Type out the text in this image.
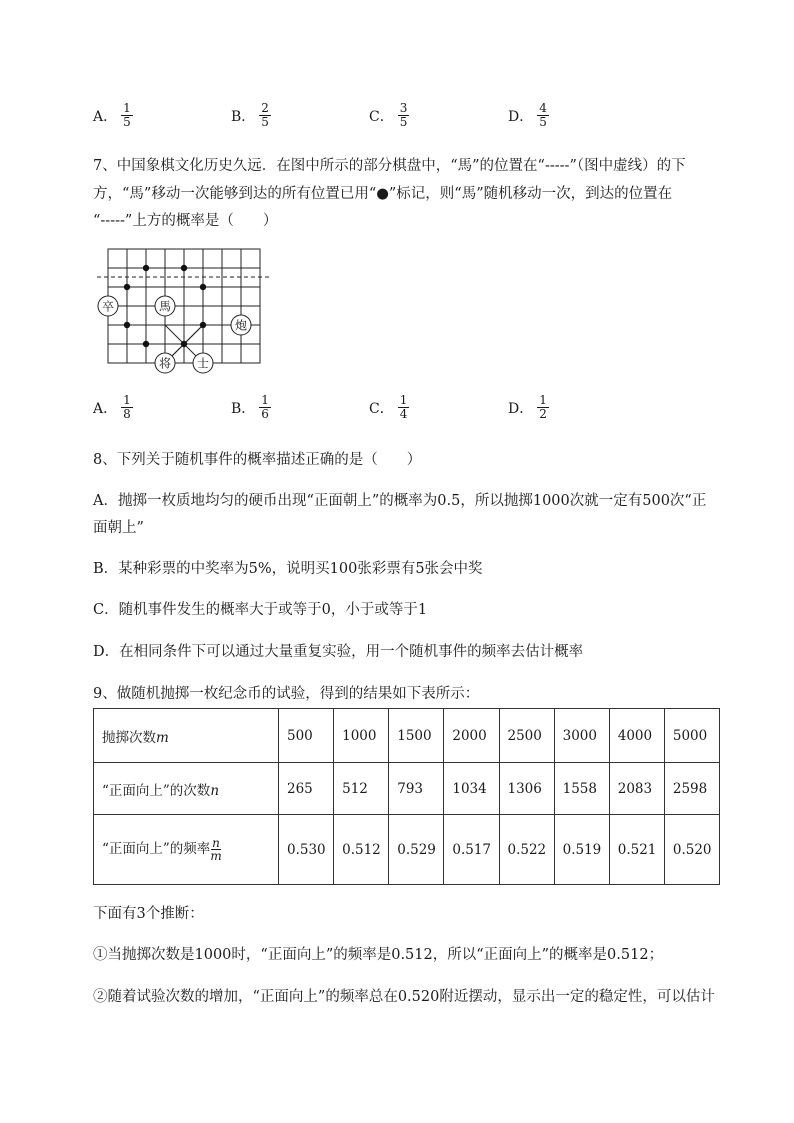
A． $\frac{1}{5}$	B． $\frac{2}{5}$	C． $\frac{3}{5}$	D． $\frac{4}{5}$
7、中国象棋文化历史久远．在图中所示的部分棋盘中，“馬”的位置在“-----”（图中虚线）的下
方，“馬”移动一次能够到达的所有位置已用“●”标记，则“馬”随机移动一次，到达的位置在
“-----”上方的概率是（　　）
卒	馬
炮
将 士
A． $\frac{1}{8}$	B． $\frac{1}{6}$	C． $\frac{1}{4}$	D． $\frac{1}{2}$
8、下列关于随机事件的概率描述正确的是（　　）
A．抛掷一枚质地均匀的硬币出现“正面朝上”的概率为0.5，所以抛掷1000次就一定有500次“正
面朝上”
B．某种彩票的中奖率为5%，说明买100张彩票有5张会中奖
C．随机事件发生的概率大于或等于0，小于或等于1
D．在相同条件下可以通过大量重复实验，用一个随机事件的频率去估计概率
9、做随机抛掷一枚纪念币的试验，得到的结果如下表所示：
抛掷次数m	500	1000	1500	2000	2500	3000	4000	5000
“正面向上”的次数n	265	512	793	1034	1306	1558	2083	2598
“正面向上”的频率 $\frac{n}{m}$	0.530	0.512	0.529	0.517	0.522	0.519	0.521	0.520
下面有3个推断：
①当抛掷次数是1000时，“正面向上”的频率是0.512，所以“正面向上”的概率是0.512；
②随着试验次数的增加，“正面向上”的频率总在0.520附近摆动，显示出一定的稳定性，可以估计
